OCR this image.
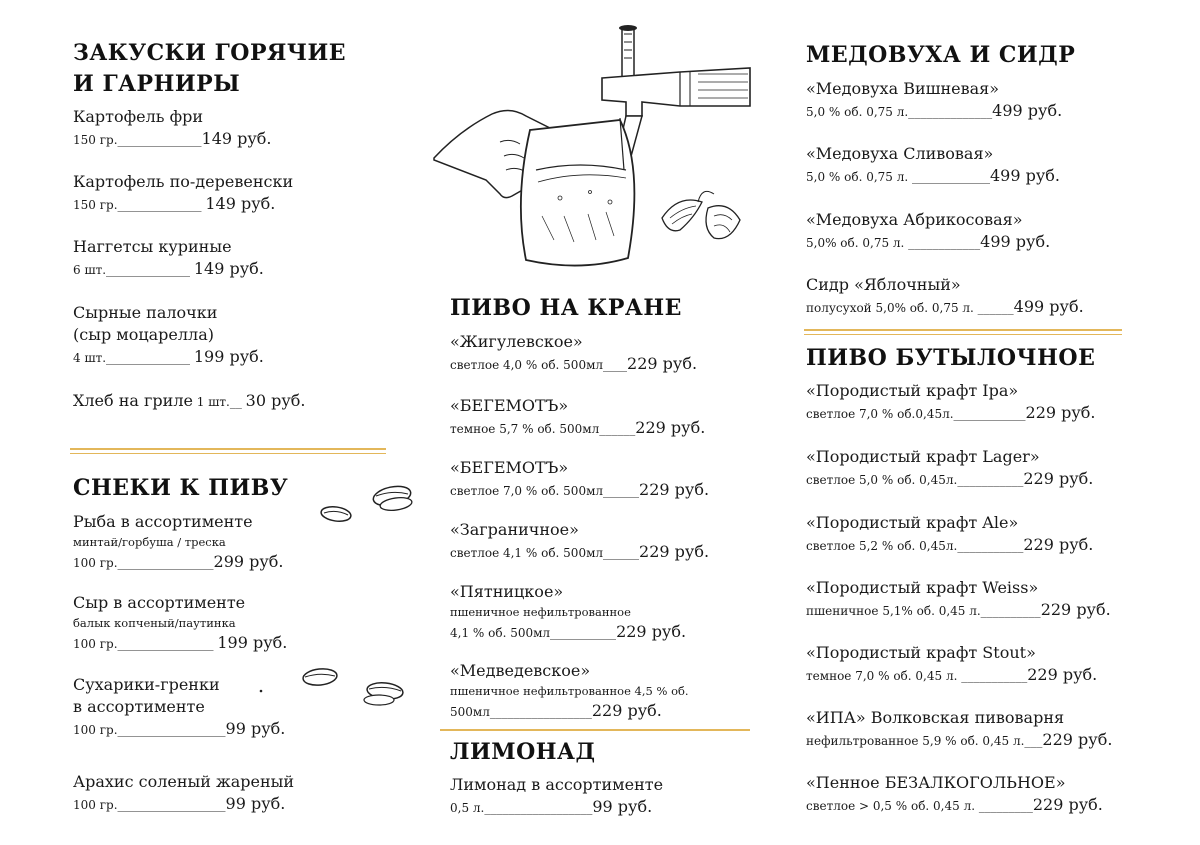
ЗАКУСКИ ГОРЯЧИЕ
И ГАРНИРЫ
Картофель фри
150 гр.______________149 руб.
Картофель по-деревенски
150 гр.______________ 149 руб.
Наггетсы куриные
6 шт.______________ 149 руб.
Сырные палочки
(сыр моцарелла)
4 шт.______________ 199 руб.
Хлеб на гриле 1 шт.__ 30 руб.
СНЕКИ К ПИВУ
Рыба в ассортименте
минтай/горбуша / треска
100 гр.________________299 руб.
Сыр в ассортименте
балык копченый/паутинка
100 гр.________________ 199 руб.
Сухарики-гренки
в ассортименте
100 гр.__________________99 руб.
Арахис соленый жареный
100 гр.__________________99 руб.
ПИВО НА КРАНЕ
«Жигулевское»
светлое 4,0 % об. 500мл____229 руб.
«БЕГЕМОТЪ»
темное 5,7 % об. 500мл______229 руб.
«БЕГЕМОТЪ»
светлое 7,0 % об. 500мл______229 руб.
«Заграничное»
светлое 4,1 % об. 500мл______229 руб.
«Пятницкое»
пшеничное нефильтрованное
4,1 % об. 500мл___________229 руб.
«Медведевское»
пшеничное нефильтрованное 4,5 % об.
500мл_________________229 руб.
ЛИМОНАД
Лимонад в ассортименте
0,5 л.__________________99 руб.
МЕДОВУХА И СИДР
«Медовуха Вишневая»
5,0 % об. 0,75 л.______________499 руб.
«Медовуха Сливовая»
5,0 % об. 0,75 л. _____________499 руб.
«Медовуха Абрикосовая»
5,0% об. 0,75 л. ____________499 руб.
Сидр «Яблочный»
полусухой 5,0% об. 0,75 л. ______499 руб.
ПИВО БУТЫЛОЧНОЕ
«Породистый крафт Ipa»
светлое 7,0 % об.0,45л.____________229 руб.
«Породистый крафт Lager»
светлое 5,0 % об. 0,45л.___________229 руб.
«Породистый крафт Ale»
светлое 5,2 % об. 0,45л.___________229 руб.
«Породистый крафт Weiss»
пшеничное 5,1% об. 0,45 л.__________229 руб.
«Породистый крафт Stout»
темное 7,0 % об. 0,45 л. ___________229 руб.
«ИПА» Волковская пивоварня
нефильтрованное 5,9 % об. 0,45 л.___229 руб.
«Пенное БЕЗАЛКОГОЛЬНОЕ»
светлое > 0,5 % об. 0,45 л. _________229 руб.
